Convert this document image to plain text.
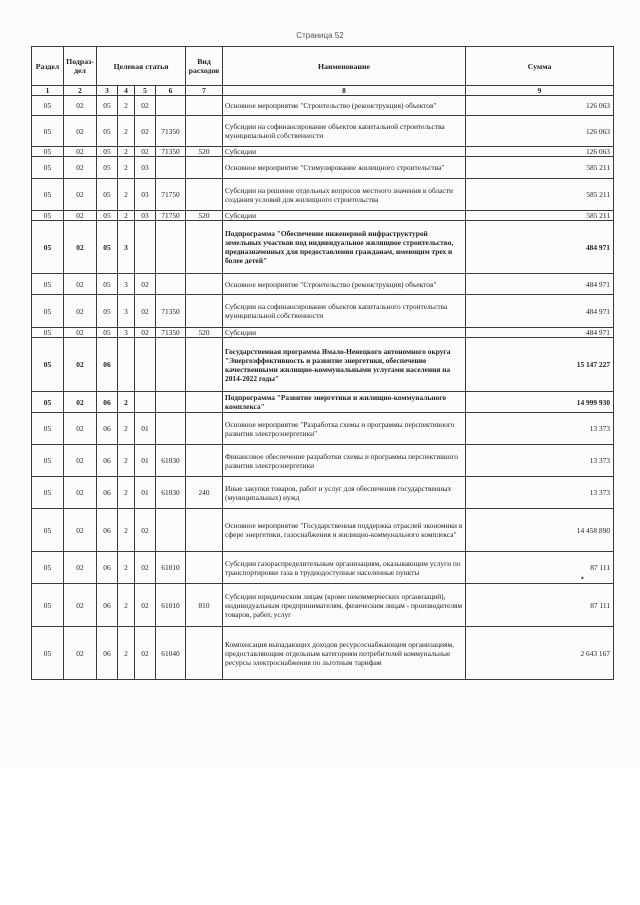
Страница 52
Раздел	Подраз-дел	Целевая статья				Вид расходов	Наименование	Сумма
1	2	3	4	5	6	7	8	9
05	02	05	2	02			Основное мероприятие "Строительство (реконструкция) объектов"	126 063
05	02	05	2	02	71350		Субсидии на софинансирование объектов капитальной строительства муниципальной собственности	126 063
05	02	05	2	02	71350	520	Субсидии	126 063
05	02	05	2	03			Основное мероприятие "Стимулирование жилищного строительства"	585 211
05	02	05	2	03	71750		Субсидии на решение отдельных вопросов местного значения в области создания условий для жилищного строительства	585 211
05	02	05	2	03	71750	520	Субсидии	585 211
05	02	05	3				Подпрограмма "Обеспечение инженерной инфраструктурой земельных участков под индивидуальное жилищное строительство, предназначенных для предоставления гражданам, имеющим трех и более детей"	484 971
05	02	05	3	02			Основное мероприятие "Строительство (реконструкция) объектов"	484 971
05	02	05	3	02	71350		Субсидии на софинансирование объектов капитального строительства муниципальной собственности	484 971
05	02	05	3	02	71350	520	Субсидии	484 971
05	02	06					Государственная программа Ямало-Ненецкого автономного округа "Энергоэффективность и развитие энергетики, обеспечение качественными жилищно-коммунальными услугами населения на 2014-2022 годы"	15 147 227
05	02	06	2				Подпрограмма "Развитие энергетики и жилищно-коммунального комплекса"	14 999 930
05	02	06	2	01			Основное мероприятие "Разработка схемы и программы перспективного развития электроэнергетики"	13 373
05	02	06	2	01	61030		Финансовое обеспечение разработки схемы и программы перспективного развития электроэнергетики	13 373
05	02	06	2	01	61030	240	Иные закупки товаров, работ и услуг для обеспечения государственных (муниципальных) нужд	13 373
05	02	06	2	02			Основное мероприятие "Государственная поддержка отраслей экономики в сфере энергетики, газоснабжения и жилищно-коммунального комплекса"	14 458 890
05	02	06	2	02	61010		Субсидии газораспределительным организациям, оказывающим услуги по транспортировке газа в труднодоступные населенные пункты	87 111
05	02	06	2	02	61010	810	Субсидии юридическим лицам (кроме некоммерческих организаций), индивидуальным предпринимателям, физическим лицам - производителям товаров, работ, услуг	87 111
05	02	06	2	02	61040		Компенсация выпадающих доходов ресурсоснабжающим организациям, предоставляющим отдельным категориям потребителей коммунальные ресурсы электроснабжения по льготным тарифам	2 643 167
•
